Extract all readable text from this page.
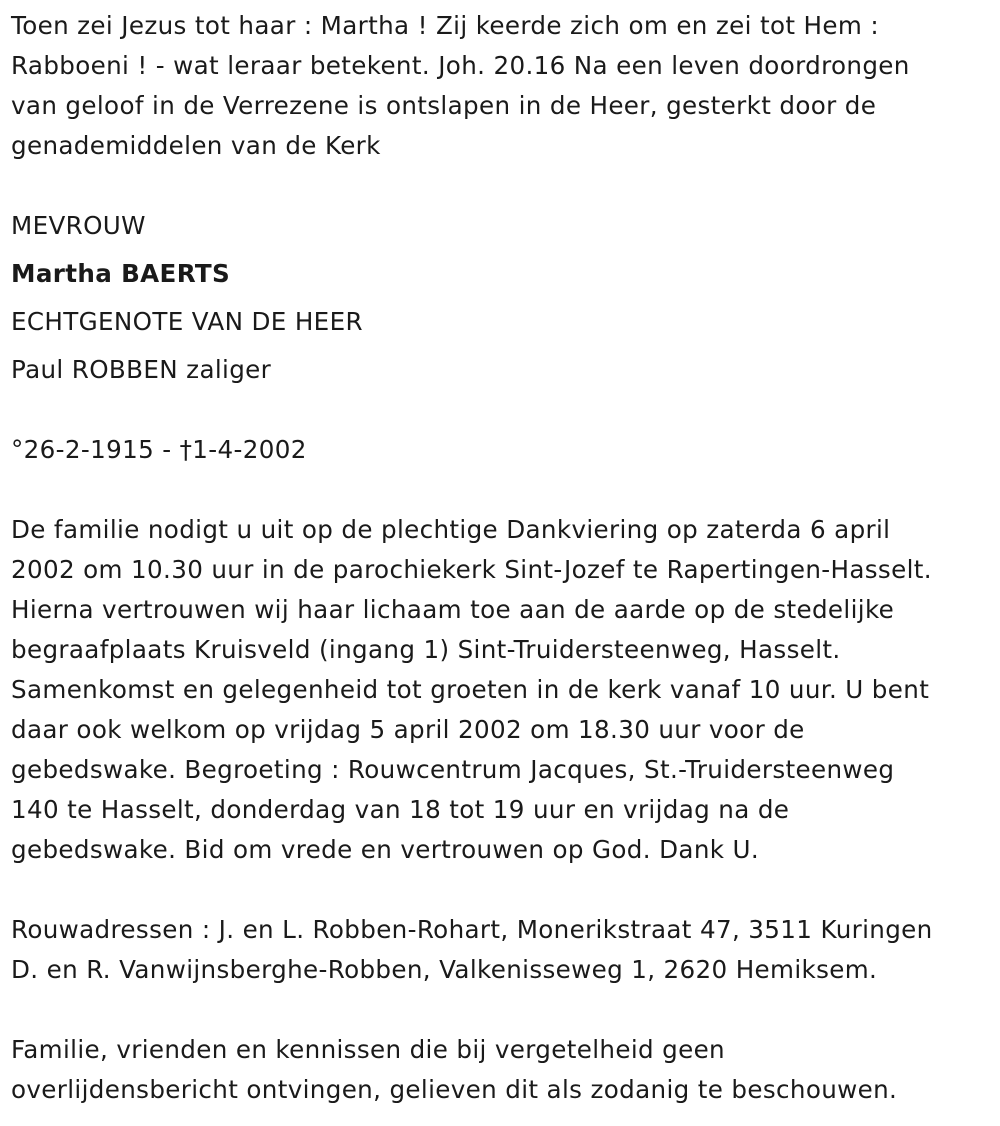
Toen zei Jezus tot haar : Martha ! Zij keerde zich om en zei tot Hem :
Rabboeni ! - wat leraar betekent. Joh. 20.16 Na een leven doordrongen
van geloof in de Verrezene is ontslapen in de Heer, gesterkt door de
genademiddelen van de Kerk

MEVROUW
Martha BAERTS
ECHTGENOTE VAN DE HEER
Paul ROBBEN zaliger

°26-2-1915 - †1-4-2002

De familie nodigt u uit op de plechtige Dankviering op zaterda 6 april
2002 om 10.30 uur in de parochiekerk Sint-Jozef te Rapertingen-Hasselt.
Hierna vertrouwen wij haar lichaam toe aan de aarde op de stedelijke
begraafplaats Kruisveld (ingang 1) Sint-Truidersteenweg, Hasselt.
Samenkomst en gelegenheid tot groeten in de kerk vanaf 10 uur. U bent
daar ook welkom op vrijdag 5 april 2002 om 18.30 uur voor de
gebedswake. Begroeting : Rouwcentrum Jacques, St.-Truidersteenweg
140 te Hasselt, donderdag van 18 tot 19 uur en vrijdag na de
gebedswake. Bid om vrede en vertrouwen op God. Dank U.

Rouwadressen : J. en L. Robben-Rohart, Monerikstraat 47, 3511 Kuringen
D. en R. Vanwijnsberghe-Robben, Valkenisseweg 1, 2620 Hemiksem.

Familie, vrienden en kennissen die bij vergetelheid geen
overlijdensbericht ontvingen, gelieven dit als zodanig te beschouwen.
